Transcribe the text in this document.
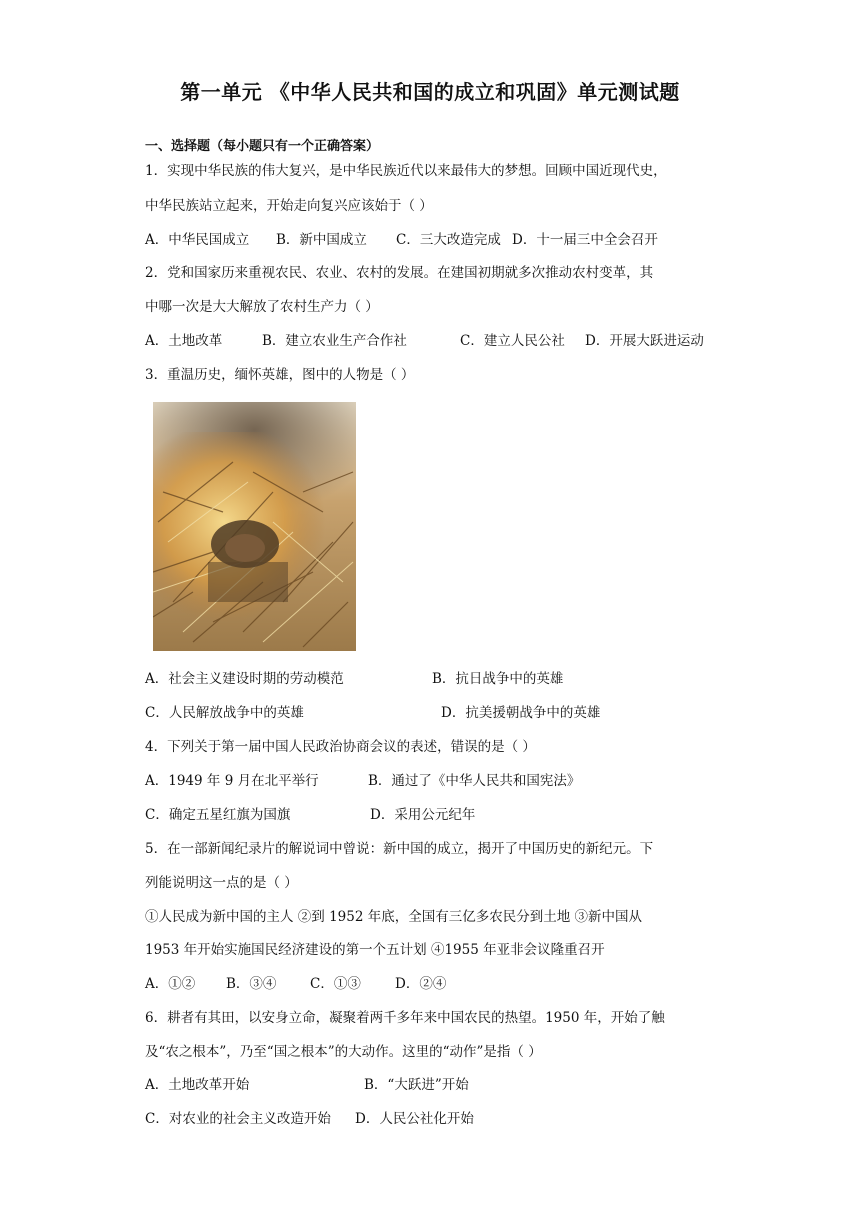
第一单元 《中华人民共和国的成立和巩固》单元测试题
一、选择题（每小题只有一个正确答案）
1．实现中华民族的伟大复兴，是中华民族近代以来最伟大的梦想。回顾中国近现代史，
中华民族站立起来，开始走向复兴应该始于（ ）
A．中华民国成立 B．新中国成立 C．三大改造完成 D．十一届三中全会召开
2．党和国家历来重视农民、农业、农村的发展。在建国初期就多次推动农村变革，其
中哪一次是大大解放了农村生产力（ ）
A．土地改革	B．建立农业生产合作社	C．建立人民公社 D．开展大跃进运动
3．重温历史，缅怀英雄，图中的人物是（ ）
A．社会主义建设时期的劳动模范	B．抗日战争中的英雄
C．人民解放战争中的英雄	D．抗美援朝战争中的英雄
4．下列关于第一届中国人民政治协商会议的表述，错误的是（ ）
A．1949 年 9 月在北平举行	B．通过了《中华人民共和国宪法》
C．确定五星红旗为国旗	D．采用公元纪年
5．在一部新闻纪录片的解说词中曾说：新中国的成立，揭开了中国历史的新纪元。下
列能说明这一点的是（ ）
①人民成为新中国的主人 ②到 1952 年底，全国有三亿多农民分到土地 ③新中国从
1953 年开始实施国民经济建设的第一个五计划 ④1955 年亚非会议隆重召开
A．①② B．③④ C．①③	D．②④
6．耕者有其田，以安身立命，凝聚着两千多年来中国农民的热望。1950 年，开始了触
及“农之根本”，乃至“国之根本”的大动作。这里的“动作”是指（ ）
A．土地改革开始	B．“大跃进”开始
C．对农业的社会主义改造开始 D．人民公社化开始
